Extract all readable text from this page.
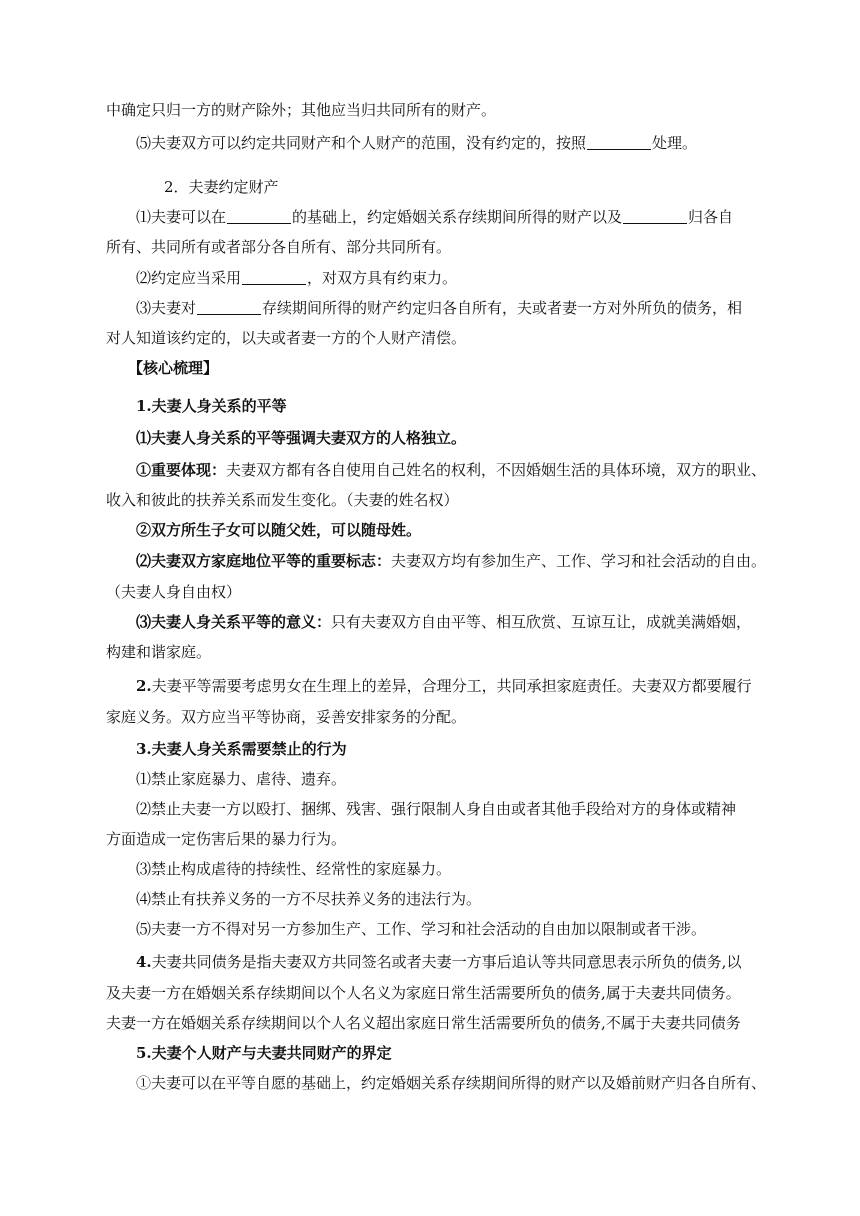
中确定只归一方的财产除外；其他应当归共同所有的财产。
⑸夫妻双方可以约定共同财产和个人财产的范围，没有约定的，按照	处理。
2．夫妻约定财产
⑴夫妻可以在	的基础上，约定婚姻关系存续期间所得的财产以及	归各自
所有、共同所有或者部分各自所有、部分共同所有。
⑵约定应当采用	，对双方具有约束力。
⑶夫妻对	存续期间所得的财产约定归各自所有，夫或者妻一方对外所负的债务，相
对人知道该约定的，以夫或者妻一方的个人财产清偿。
【核心梳理】
1.夫妻人身关系的平等
⑴夫妻人身关系的平等强调夫妻双方的人格独立。
①重要体现：夫妻双方都有各自使用自己姓名的权利，不因婚姻生活的具体环境，双方的职业、
收入和彼此的扶养关系而发生变化。（夫妻的姓名权）
②双方所生子女可以随父姓，可以随母姓。
⑵夫妻双方家庭地位平等的重要标志：夫妻双方均有参加生产、工作、学习和社会活动的自由。
（夫妻人身自由权）
⑶夫妻人身关系平等的意义：只有夫妻双方自由平等、相互欣赏、互谅互让，成就美满婚姻，
构建和谐家庭。
2.夫妻平等需要考虑男女在生理上的差异，合理分工，共同承担家庭责任。夫妻双方都要履行
家庭义务。双方应当平等协商，妥善安排家务的分配。
3.夫妻人身关系需要禁止的行为
⑴禁止家庭暴力、虐待、遗弃。
⑵禁止夫妻一方以殴打、捆绑、残害、强行限制人身自由或者其他手段给对方的身体或精神
方面造成一定伤害后果的暴力行为。
⑶禁止构成虐待的持续性、经常性的家庭暴力。
⑷禁止有扶养义务的一方不尽扶养义务的违法行为。
⑸夫妻一方不得对另一方参加生产、工作、学习和社会活动的自由加以限制或者干涉。
4.夫妻共同债务是指夫妻双方共同签名或者夫妻一方事后追认等共同意思表示所负的债务,以
及夫妻一方在婚姻关系存续期间以个人名义为家庭日常生活需要所负的债务,属于夫妻共同债务。
夫妻一方在婚姻关系存续期间以个人名义超出家庭日常生活需要所负的债务,不属于夫妻共同债务
5.夫妻个人财产与夫妻共同财产的界定
①夫妻可以在平等自愿的基础上，约定婚姻关系存续期间所得的财产以及婚前财产归各自所有、
